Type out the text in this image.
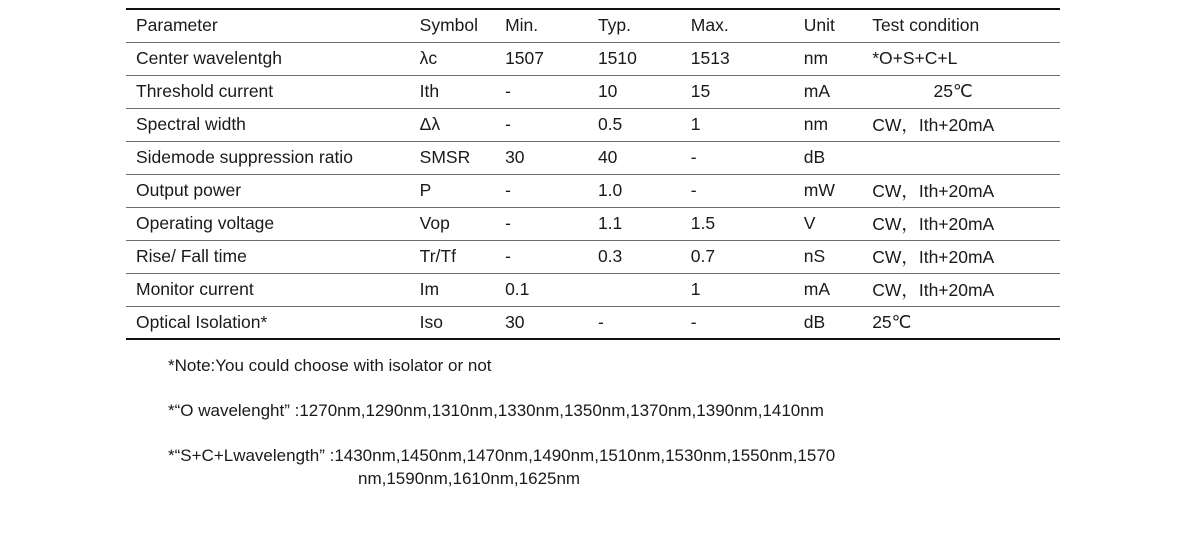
Parameter	Symbol	Min.	Typ.	Max.	Unit	Test condition
Center wavelentgh	λc	1507	1510	1513	nm	*O+S+C+L
Threshold current	Ith	-	10	15	mA	25℃
Spectral width	Δλ	-	0.5	1	nm	CW，Ith+20mA
Sidemode suppression ratio	SMSR	30	40	-	dB	
Output power	P	-	1.0	-	mW	CW，Ith+20mA
Operating voltage	Vop	-	1.1	1.5	V	CW，Ith+20mA
Rise/ Fall time	Tr/Tf	-	0.3	0.7	nS	CW，Ith+20mA
Monitor current	Im	0.1		1	mA	CW，Ith+20mA
Optical Isolation*	Iso	30	-	-	dB	25℃

*Note:You could choose with isolator or not

*“O wavelenght” :1270nm,1290nm,1310nm,1330nm,1350nm,1370nm,1390nm,1410nm

*“S+C+Lwavelength” :1430nm,1450nm,1470nm,1490nm,1510nm,1530nm,1550nm,1570
nm,1590nm,1610nm,1625nm
